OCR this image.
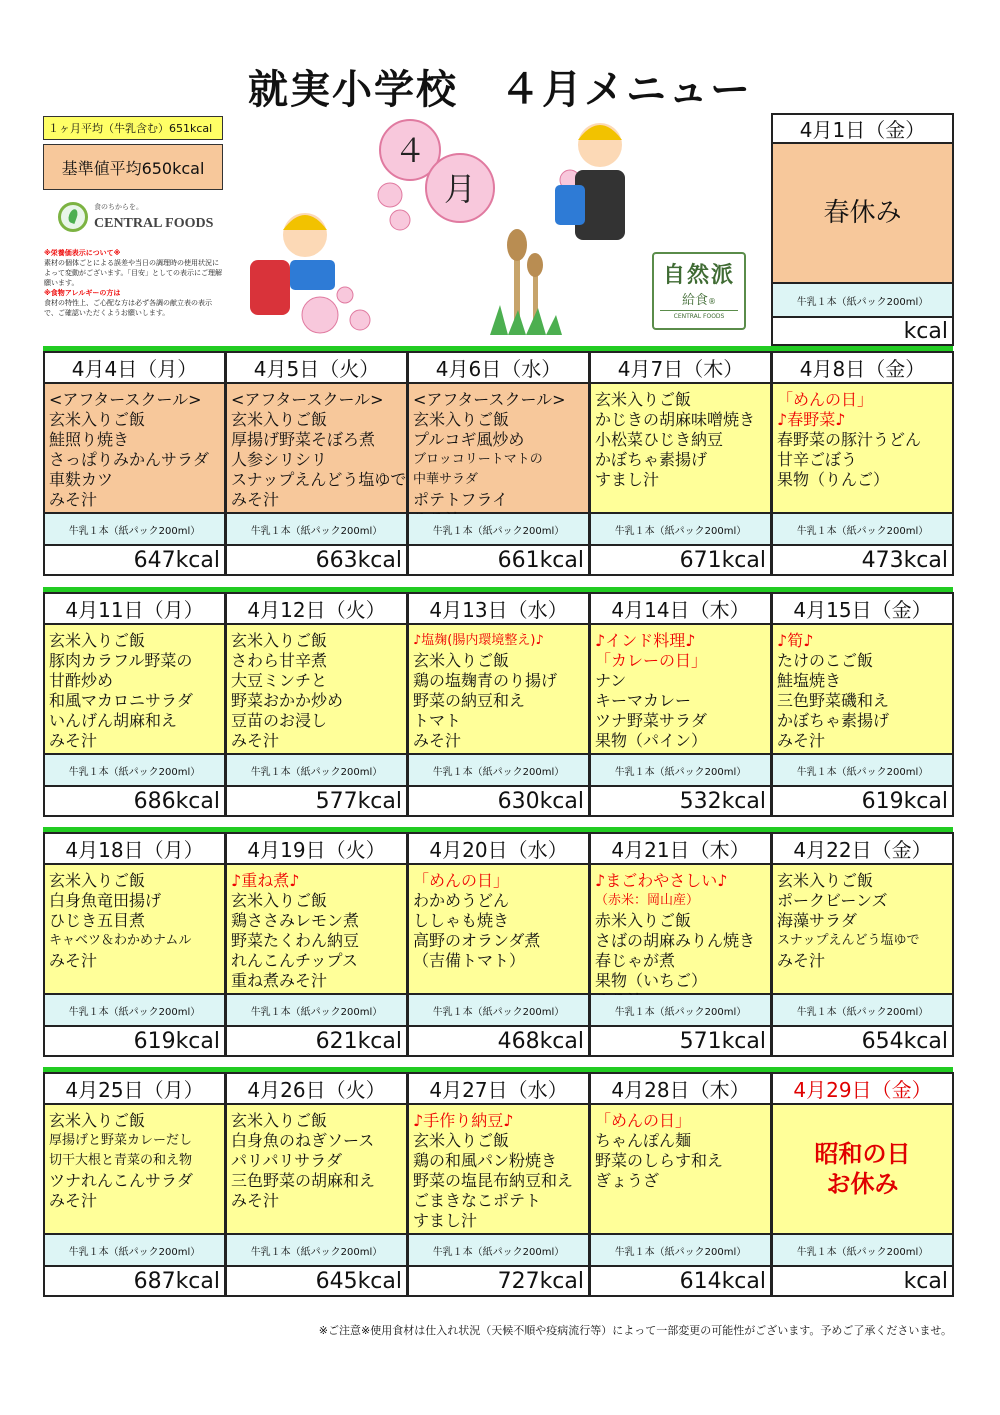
就実小学校　４月メニュー
１ヶ月平均（牛乳含む）651kcal
基準値平均650kcal
食のちからを。
CENTRAL FOODS
※栄養価表示について※
素材の個体ごとによる誤差や当日の調理時の使用状況によって変動がございます。「目安」としての表示にご理解願います。
※食物アレルギーの方は
食材の特性上、ご心配な方は必ず各調の献立表の表示で、ご確認いただくようお願いします。
４
月
自然派
給食®
CENTRAL FOODS
4月1日（金）
春休み
牛乳１本（紙パック200ml）
kcal
4月4日（月）
<アフタースクール>
玄米入りご飯
鮭照り焼き
さっぱりみかんサラダ
車麩カツ
みそ汁
牛乳１本（紙パック200ml）
647kcal
4月5日（火）
<アフタースクール>
玄米入りご飯
厚揚げ野菜そぼろ煮
人参シリシリ
スナップえんどう塩ゆで
みそ汁
牛乳１本（紙パック200ml）
663kcal
4月6日（水）
<アフタースクール>
玄米入りご飯
プルコギ風炒め
ブロッコリートマトの
中華サラダ
ポテトフライ
牛乳１本（紙パック200ml）
661kcal
4月7日（木）
玄米入りご飯
かじきの胡麻味噌焼き
小松菜ひじき納豆
かぼちゃ素揚げ
すまし汁
牛乳１本（紙パック200ml）
671kcal
4月8日（金）
「めんの日」
♪春野菜♪
春野菜の豚汁うどん
甘辛ごぼう
果物（りんご）
牛乳１本（紙パック200ml）
473kcal
4月11日（月）
玄米入りご飯
豚肉カラフル野菜の
甘酢炒め
和風マカロニサラダ
いんげん胡麻和え
みそ汁
牛乳１本（紙パック200ml）
686kcal
4月12日（火）
玄米入りご飯
さわら甘辛煮
大豆ミンチと
野菜おかか炒め
豆苗のお浸し
みそ汁
牛乳１本（紙パック200ml）
577kcal
4月13日（水）
♪塩麹(腸内環境整え)♪
玄米入りご飯
鶏の塩麹青のり揚げ
野菜の納豆和え
トマト
みそ汁
牛乳１本（紙パック200ml）
630kcal
4月14日（木）
♪インド料理♪
「カレーの日」
ナン
キーマカレー
ツナ野菜サラダ
果物（パイン）
牛乳１本（紙パック200ml）
532kcal
4月15日（金）
♪筍♪
たけのこご飯
鮭塩焼き
三色野菜磯和え
かぼちゃ素揚げ
みそ汁
牛乳１本（紙パック200ml）
619kcal
4月18日（月）
玄米入りご飯
白身魚竜田揚げ
ひじき五目煮
キャベツ＆わかめナムル
みそ汁
牛乳１本（紙パック200ml）
619kcal
4月19日（火）
♪重ね煮♪
玄米入りご飯
鶏ささみレモン煮
野菜たくわん納豆
れんこんチップス
重ね煮みそ汁
牛乳１本（紙パック200ml）
621kcal
4月20日（水）
「めんの日」
わかめうどん
ししゃも焼き
高野のオランダ煮
（吉備トマト）
牛乳１本（紙パック200ml）
468kcal
4月21日（木）
♪まごわやさしい♪
（赤米：岡山産）
赤米入りご飯
さばの胡麻みりん焼き
春じゃが煮
果物（いちご）
牛乳１本（紙パック200ml）
571kcal
4月22日（金）
玄米入りご飯
ポークビーンズ
海藻サラダ
スナップえんどう塩ゆで
みそ汁
牛乳１本（紙パック200ml）
654kcal
4月25日（月）
玄米入りご飯
厚揚げと野菜カレーだし
切干大根と青菜の和え物
ツナれんこんサラダ
みそ汁
牛乳１本（紙パック200ml）
687kcal
4月26日（火）
玄米入りご飯
白身魚のねぎソース
パリパリサラダ
三色野菜の胡麻和え
みそ汁
牛乳１本（紙パック200ml）
645kcal
4月27日（水）
♪手作り納豆♪
玄米入りご飯
鶏の和風パン粉焼き
野菜の塩昆布納豆和え
ごまきなこポテト
すまし汁
牛乳１本（紙パック200ml）
727kcal
4月28日（木）
「めんの日」
ちゃんぽん麺
野菜のしらす和え
ぎょうざ
牛乳１本（紙パック200ml）
614kcal
4月29日（金）
昭和の日
お休み
牛乳１本（紙パック200ml）
kcal
※ご注意※使用食材は仕入れ状況（天候不順や疫病流行等）によって一部変更の可能性がございます。予めご了承くださいませ。
